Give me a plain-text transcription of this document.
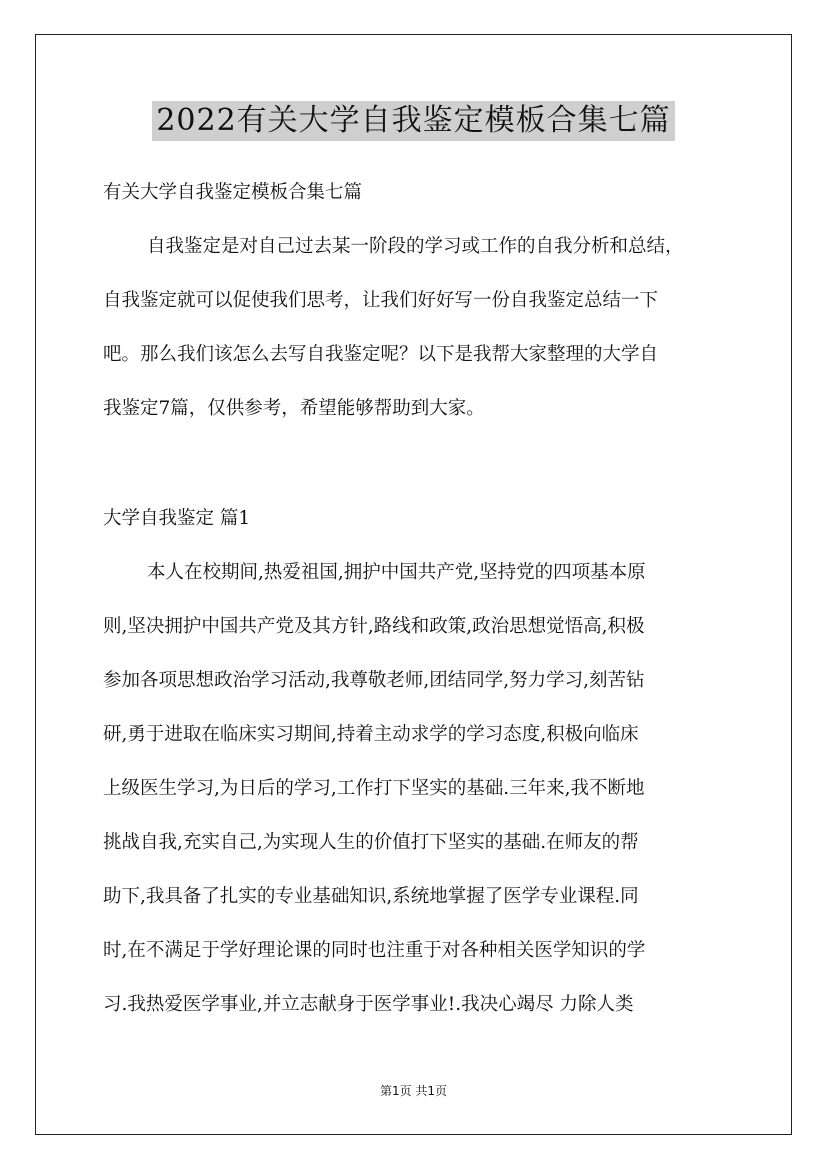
2022有关大学自我鉴定模板合集七篇

有关大学自我鉴定模板合集七篇

自我鉴定是对自己过去某一阶段的学习或工作的自我分析和总结，

自我鉴定就可以促使我们思考，让我们好好写一份自我鉴定总结一下

吧。那么我们该怎么去写自我鉴定呢？以下是我帮大家整理的大学自

我鉴定7篇，仅供参考，希望能够帮助到大家。

大学自我鉴定 篇1

本人在校期间,热爱祖国,拥护中国共产党,坚持党的四项基本原

则,坚决拥护中国共产党及其方针,路线和政策,政治思想觉悟高,积极

参加各项思想政治学习活动,我尊敬老师,团结同学,努力学习,刻苦钻

研,勇于进取在临床实习期间,持着主动求学的学习态度,积极向临床

上级医生学习,为日后的学习,工作打下坚实的基础.三年来,我不断地

挑战自我,充实自己,为实现人生的价值打下坚实的基础.在师友的帮

助下,我具备了扎实的专业基础知识,系统地掌握了医学专业课程.同

时,在不满足于学好理论课的同时也注重于对各种相关医学知识的学

习.我热爱医学事业,并立志献身于医学事业!.我决心竭尽 力除人类

第1页 共1页
